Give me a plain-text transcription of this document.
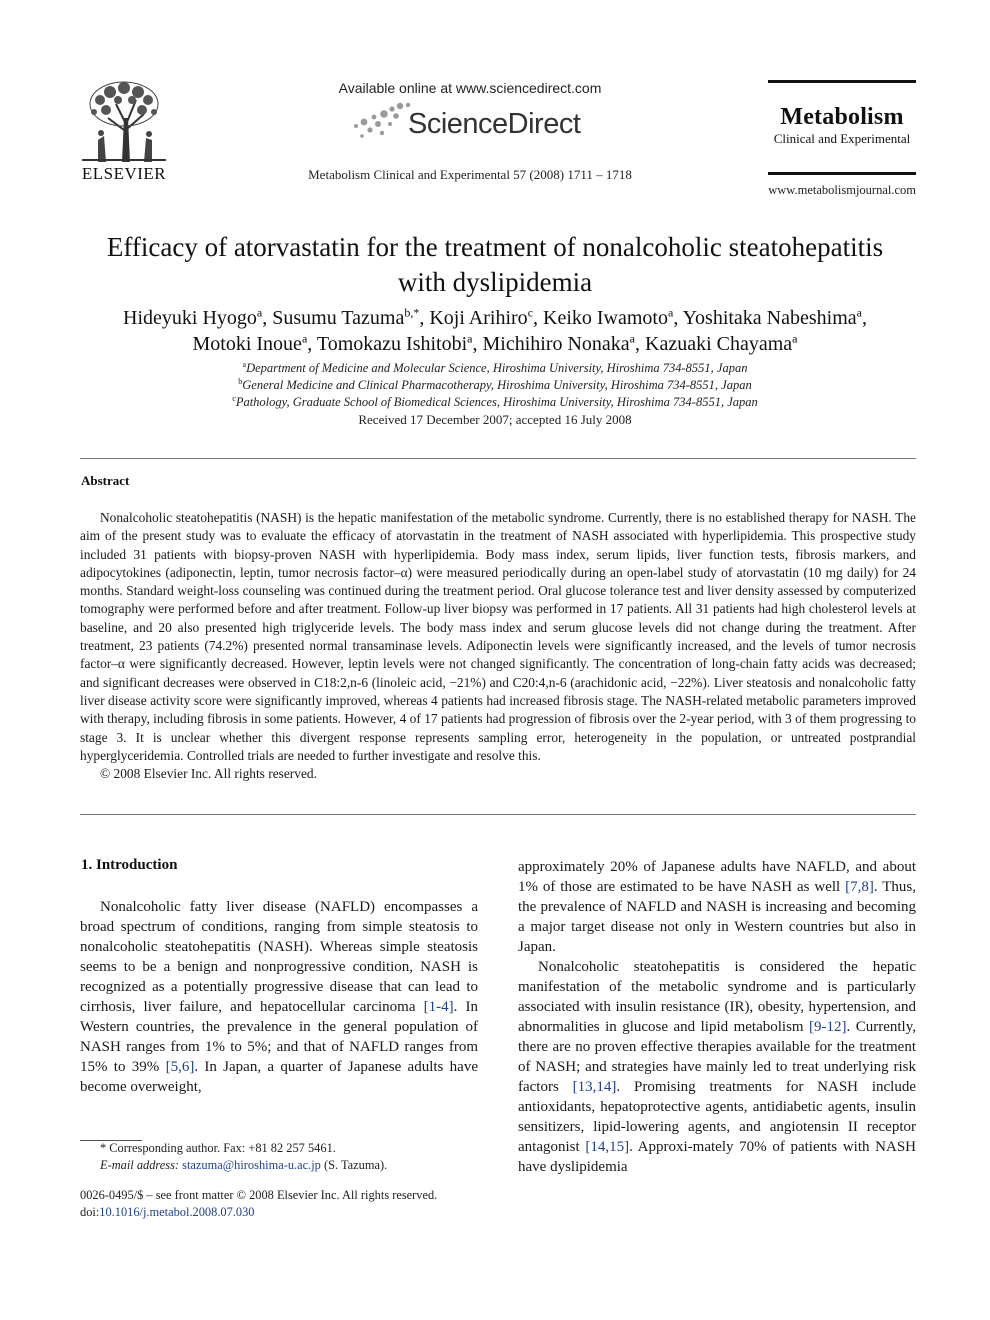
ELSEVIER
Available online at www.sciencedirect.com
ScienceDirect
Metabolism Clinical and Experimental 57 (2008) 1711 – 1718
Metabolism
Clinical and Experimental
www.metabolismjournal.com
Efficacy of atorvastatin for the treatment of nonalcoholic steatohepatitis
with dyslipidemia
Hideyuki Hyogo$^a$, Susumu Tazuma$^{b,*}$, Koji Arihiro$^c$, Keiko Iwamoto$^a$, Yoshitaka Nabeshima$^a$,
Motoki Inoue$^a$, Tomokazu Ishitobi$^a$, Michihiro Nonaka$^a$, Kazuaki Chayama$^a$
$^a$Department of Medicine and Molecular Science, Hiroshima University, Hiroshima 734-8551, Japan
$^b$General Medicine and Clinical Pharmacotherapy, Hiroshima University, Hiroshima 734-8551, Japan
$^c$Pathology, Graduate School of Biomedical Sciences, Hiroshima University, Hiroshima 734-8551, Japan
Received 17 December 2007; accepted 16 July 2008
Abstract

Nonalcoholic steatohepatitis (NASH) is the hepatic manifestation of the metabolic syndrome. Currently, there is no established therapy for NASH. The aim of the present study was to evaluate the efficacy of atorvastatin in the treatment of NASH associated with hyperlipidemia. This prospective study included 31 patients with biopsy-proven NASH with hyperlipidemia. Body mass index, serum lipids, liver function tests, fibrosis markers, and adipocytokines (adiponectin, leptin, tumor necrosis factor–α) were measured periodically during an open-label study of atorvastatin (10 mg daily) for 24 months. Standard weight-loss counseling was continued during the treatment period. Oral glucose tolerance test and liver density assessed by computerized tomography were performed before and after treatment. Follow-up liver biopsy was performed in 17 patients. All 31 patients had high cholesterol levels at baseline, and 20 also presented high triglyceride levels. The body mass index and serum glucose levels did not change during the treatment. After treatment, 23 patients (74.2%) presented normal transaminase levels. Adiponectin levels were significantly increased, and the levels of tumor necrosis factor–α were significantly decreased. However, leptin levels were not changed significantly. The concentration of long-chain fatty acids was decreased; and significant decreases were observed in C18:2,n-6 (linoleic acid, −21%) and C20:4,n-6 (arachidonic acid, −22%). Liver steatosis and nonalcoholic fatty liver disease activity score were significantly improved, whereas 4 patients had increased fibrosis stage. The NASH-related metabolic parameters improved with therapy, including fibrosis in some patients. However, 4 of 17 patients had progression of fibrosis over the 2-year period, with 3 of them progressing to stage 3. It is unclear whether this divergent response represents sampling error, heterogeneity in the population, or untreated postprandial hyperglyceridemia. Controlled trials are needed to further investigate and resolve this.

© 2008 Elsevier Inc. All rights reserved.

1. Introduction

Nonalcoholic fatty liver disease (NAFLD) encompasses a broad spectrum of conditions, ranging from simple steatosis to nonalcoholic steatohepatitis (NASH). Whereas simple steatosis seems to be a benign and nonprogressive condition, NASH is recognized as a potentially progressive disease that can lead to cirrhosis, liver failure, and hepatocellular carcinoma [1-4]. In Western countries, the prevalence in the general population of NASH ranges from 1% to 5%; and that of NAFLD ranges from 15% to 39% [5,6]. In Japan, a quarter of Japanese adults have become overweight,

approximately 20% of Japanese adults have NAFLD, and about 1% of those are estimated to be have NASH as well [7,8]. Thus, the prevalence of NAFLD and NASH is increasing and becoming a major target disease not only in Western countries but also in Japan.

Nonalcoholic steatohepatitis is considered the hepatic manifestation of the metabolic syndrome and is particularly associated with insulin resistance (IR), obesity, hypertension, and abnormalities in glucose and lipid metabolism [9-12]. Currently, there are no proven effective therapies available for the treatment of NASH; and strategies have mainly led to treat underlying risk factors [13,14]. Promising treatments for NASH include antioxidants, hepatoprotective agents, antidiabetic agents, insulin sensitizers, lipid-lowering agents, and angiotensin II receptor antagonist [14,15]. Approxi-mately 70% of patients with NASH have dyslipidemia

* Corresponding author. Fax: +81 82 257 5461.
E-mail address: stazuma@hiroshima-u.ac.jp (S. Tazuma).
0026-0495/$ – see front matter © 2008 Elsevier Inc. All rights reserved.
doi:10.1016/j.metabol.2008.07.030
